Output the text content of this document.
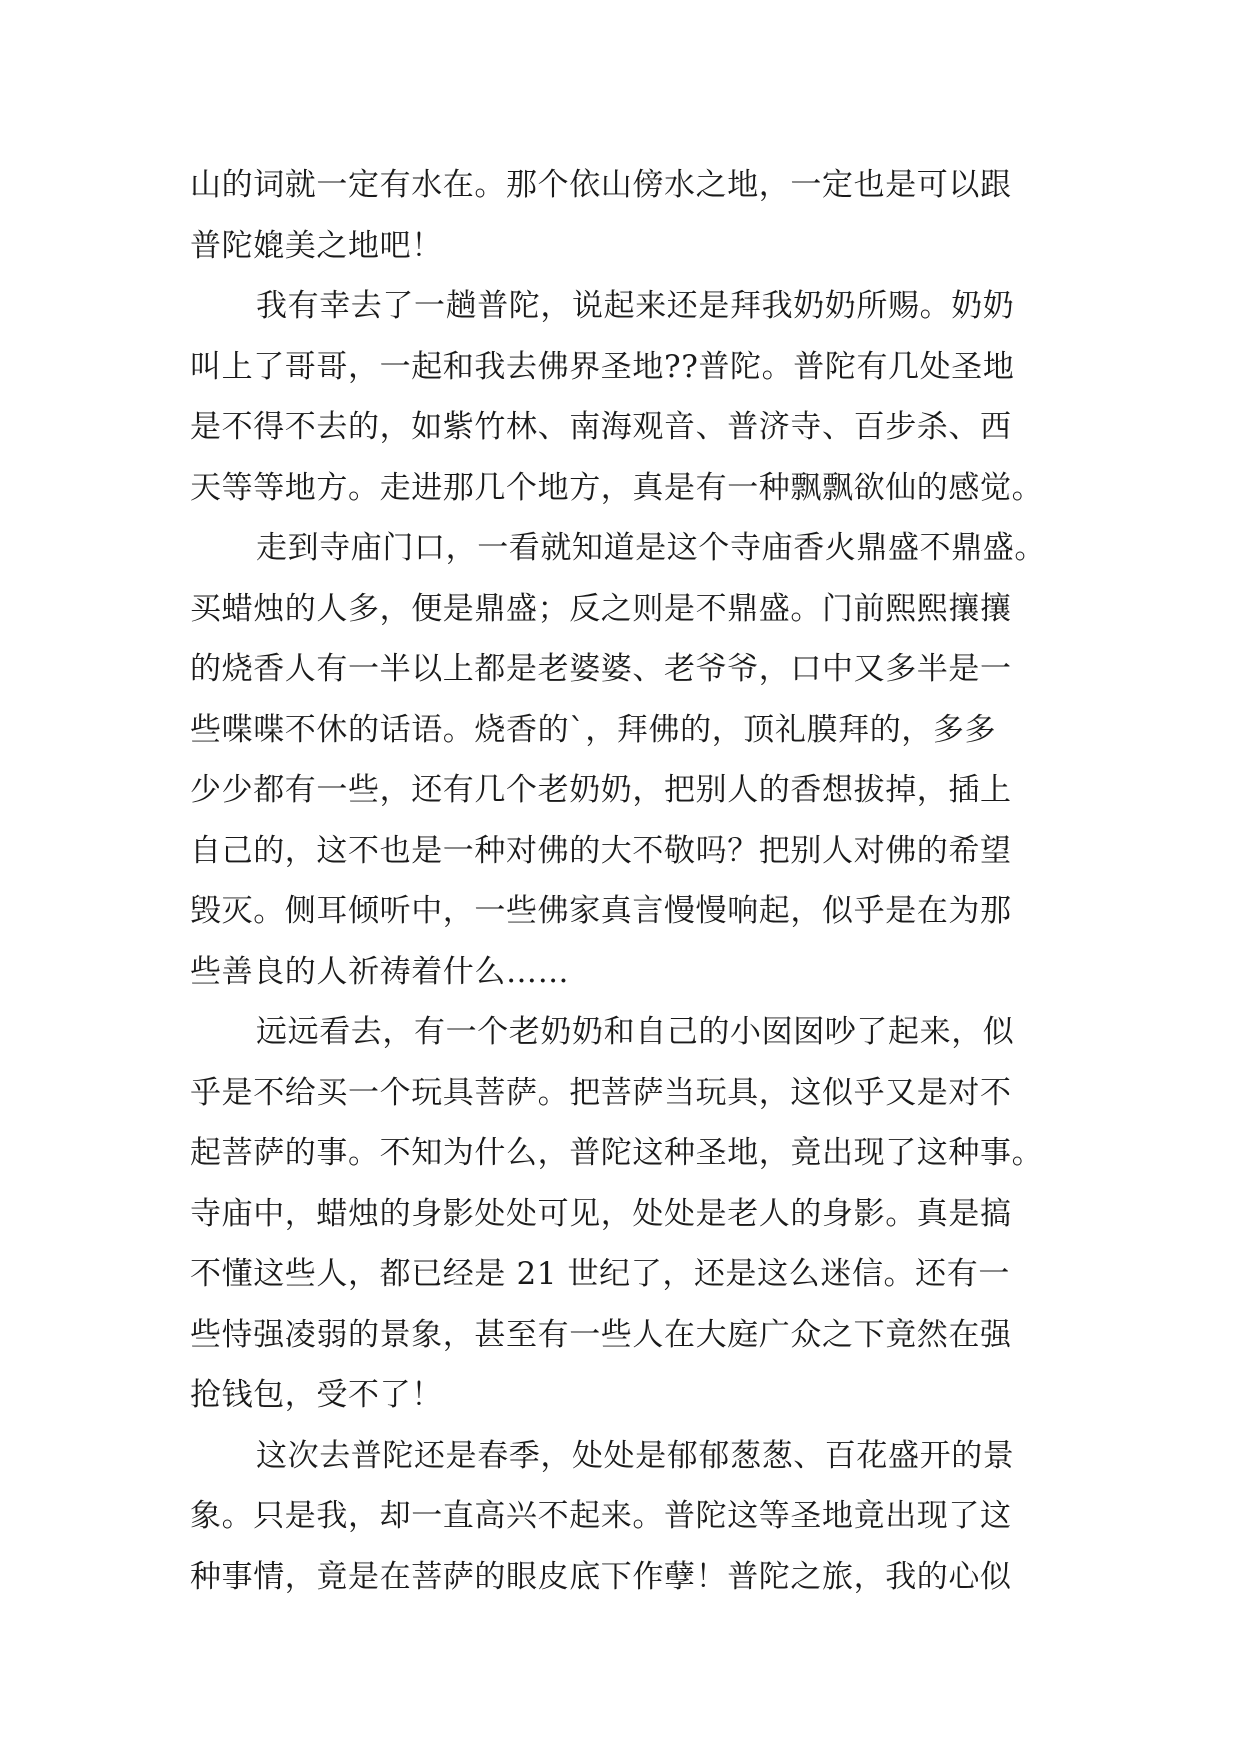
山的词就一定有水在。那个依山傍水之地，一定也是可以跟
普陀媲美之地吧！
我有幸去了一趟普陀，说起来还是拜我奶奶所赐。奶奶
叫上了哥哥，一起和我去佛界圣地??普陀。普陀有几处圣地
是不得不去的，如紫竹林、南海观音、普济寺、百步杀、西
天等等地方。走进那几个地方，真是有一种飘飘欲仙的感觉。
走到寺庙门口，一看就知道是这个寺庙香火鼎盛不鼎盛。
买蜡烛的人多，便是鼎盛；反之则是不鼎盛。门前熙熙攘攘
的烧香人有一半以上都是老婆婆、老爷爷，口中又多半是一
些喋喋不休的话语。烧香的`，拜佛的，顶礼膜拜的，多多
少少都有一些，还有几个老奶奶，把别人的香想拔掉，插上
自己的，这不也是一种对佛的大不敬吗？把别人对佛的希望
毁灭。侧耳倾听中，一些佛家真言慢慢响起，似乎是在为那
些善良的人祈祷着什么……
远远看去，有一个老奶奶和自己的小囡囡吵了起来，似
乎是不给买一个玩具菩萨。把菩萨当玩具，这似乎又是对不
起菩萨的事。不知为什么，普陀这种圣地，竟出现了这种事。
寺庙中，蜡烛的身影处处可见，处处是老人的身影。真是搞
不懂这些人，都已经是 21 世纪了，还是这么迷信。还有一
些恃强凌弱的景象，甚至有一些人在大庭广众之下竟然在强
抢钱包，受不了！
这次去普陀还是春季，处处是郁郁葱葱、百花盛开的景
象。只是我，却一直高兴不起来。普陀这等圣地竟出现了这
种事情，竟是在菩萨的眼皮底下作孽！普陀之旅，我的心似
